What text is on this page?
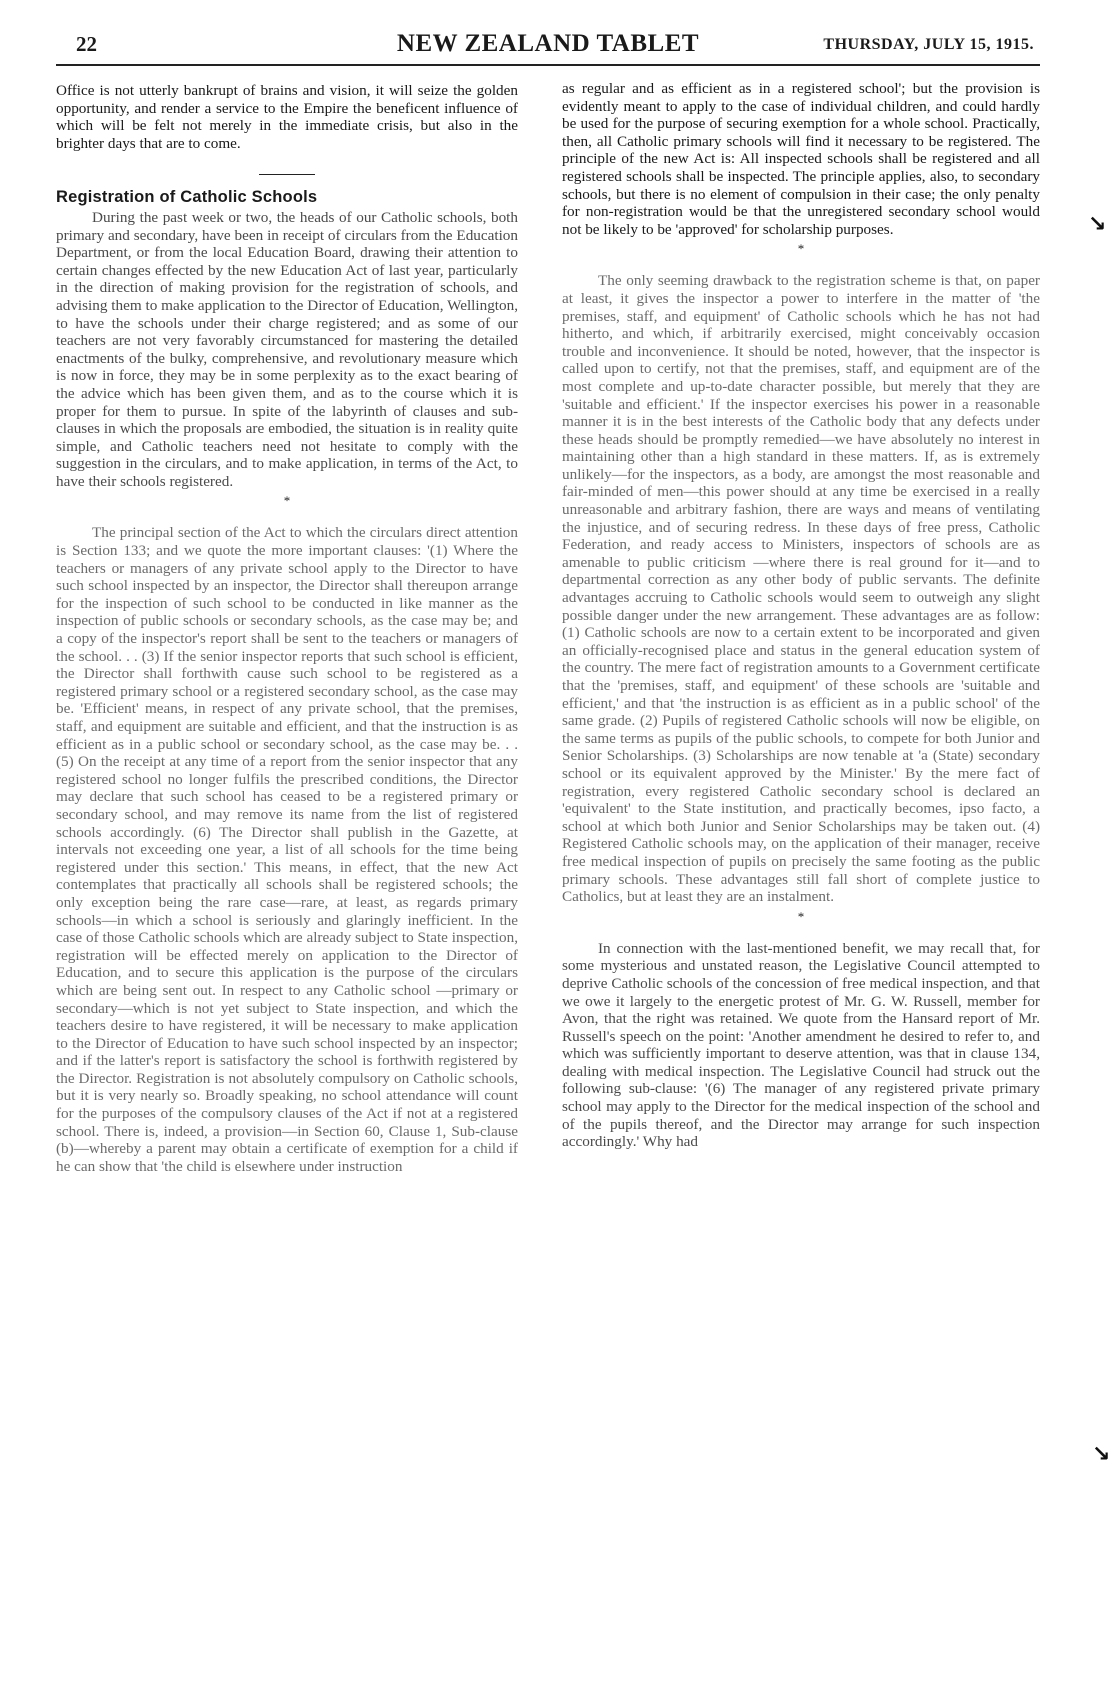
22	NEW ZEALAND TABLET	THURSDAY, JULY 15, 1915.

Office is not utterly bankrupt of brains and vision, it will seize the golden opportunity, and render a service to the Empire the beneficent influence of which will be felt not merely in the immediate crisis, but also in the brighter days that are to come.

Registration of Catholic Schools

During the past week or two, the heads of our Catholic schools, both primary and secondary, have been in receipt of circulars from the Education Department, or from the local Education Board, drawing their attention to certain changes effected by the new Education Act of last year, particularly in the direction of making provision for the registration of schools, and advising them to make application to the Director of Education, Wellington, to have the schools under their charge registered; and as some of our teachers are not very favorably circumstanced for mastering the detailed enactments of the bulky, comprehensive, and revolutionary measure which is now in force, they may be in some perplexity as to the exact bearing of the advice which has been given them, and as to the course which it is proper for them to pursue. In spite of the labyrinth of clauses and sub-clauses in which the proposals are embodied, the situation is in reality quite simple, and Catholic teachers need not hesitate to comply with the suggestion in the circulars, and to make application, in terms of the Act, to have their schools registered.

*

The principal section of the Act to which the circulars direct attention is Section 133; and we quote the more important clauses: '(1) Where the teachers or managers of any private school apply to the Director to have such school inspected by an inspector, the Director shall thereupon arrange for the inspection of such school to be conducted in like manner as the inspection of public schools or secondary schools, as the case may be; and a copy of the inspector's report shall be sent to the teachers or managers of the school. . . (3) If the senior inspector reports that such school is efficient, the Director shall forthwith cause such school to be registered as a registered primary school or a registered secondary school, as the case may be. 'Efficient' means, in respect of any private school, that the premises, staff, and equipment are suitable and efficient, and that the instruction is as efficient as in a public school or secondary school, as the case may be. . . (5) On the receipt at any time of a report from the senior inspector that any registered school no longer fulfils the prescribed conditions, the Director may declare that such school has ceased to be a registered primary or secondary school, and may remove its name from the list of registered schools accordingly. (6) The Director shall publish in the Gazette, at intervals not exceeding one year, a list of all schools for the time being registered under this section.' This means, in effect, that the new Act contemplates that practically all schools shall be registered schools; the only exception being the rare case—rare, at least, as regards primary schools—in which a school is seriously and glaringly inefficient. In the case of those Catholic schools which are already subject to State inspection, registration will be effected merely on application to the Director of Education, and to secure this application is the purpose of the circulars which are being sent out. In respect to any Catholic school —primary or secondary—which is not yet subject to State inspection, and which the teachers desire to have registered, it will be necessary to make application to the Director of Education to have such school inspected by an inspector; and if the latter's report is satisfactory the school is forthwith registered by the Director. Registration is not absolutely compulsory on Catholic schools, but it is very nearly so. Broadly speaking, no school attendance will count for the purposes of the compulsory clauses of the Act if not at a registered school. There is, indeed, a provision—in Section 60, Clause 1, Sub-clause (b)—whereby a parent may obtain a certificate of exemption for a child if he can show that 'the child is elsewhere under instruction

as regular and as efficient as in a registered school'; but the provision is evidently meant to apply to the case of individual children, and could hardly be used for the purpose of securing exemption for a whole school. Practically, then, all Catholic primary schools will find it necessary to be registered. The principle of the new Act is: All inspected schools shall be registered and all registered schools shall be inspected. The principle applies, also, to secondary schools, but there is no element of compulsion in their case; the only penalty for non-registration would be that the unregistered secondary school would not be likely to be 'approved' for scholarship purposes.

*

The only seeming drawback to the registration scheme is that, on paper at least, it gives the inspector a power to interfere in the matter of 'the premises, staff, and equipment' of Catholic schools which he has not had hitherto, and which, if arbitrarily exercised, might conceivably occasion trouble and inconvenience. It should be noted, however, that the inspector is called upon to certify, not that the premises, staff, and equipment are of the most complete and up-to-date character possible, but merely that they are 'suitable and efficient.' If the inspector exercises his power in a reasonable manner it is in the best interests of the Catholic body that any defects under these heads should be promptly remedied—we have absolutely no interest in maintaining other than a high standard in these matters. If, as is extremely unlikely—for the inspectors, as a body, are amongst the most reasonable and fair-minded of men—this power should at any time be exercised in a really unreasonable and arbitrary fashion, there are ways and means of ventilating the injustice, and of securing redress. In these days of free press, Catholic Federation, and ready access to Ministers, inspectors of schools are as amenable to public criticism —where there is real ground for it—and to departmental correction as any other body of public servants. The definite advantages accruing to Catholic schools would seem to outweigh any slight possible danger under the new arrangement. These advantages are as follow: (1) Catholic schools are now to a certain extent to be incorporated and given an officially-recognised place and status in the general education system of the country. The mere fact of registration amounts to a Government certificate that the 'premises, staff, and equipment' of these schools are 'suitable and efficient,' and that 'the instruction is as efficient as in a public school' of the same grade. (2) Pupils of registered Catholic schools will now be eligible, on the same terms as pupils of the public schools, to compete for both Junior and Senior Scholarships. (3) Scholarships are now tenable at 'a (State) secondary school or its equivalent approved by the Minister.' By the mere fact of registration, every registered Catholic secondary school is declared an 'equivalent' to the State institution, and practically becomes, ipso facto, a school at which both Junior and Senior Scholarships may be taken out. (4) Registered Catholic schools may, on the application of their manager, receive free medical inspection of pupils on precisely the same footing as the public primary schools. These advantages still fall short of complete justice to Catholics, but at least they are an instalment.

*

In connection with the last-mentioned benefit, we may recall that, for some mysterious and unstated reason, the Legislative Council attempted to deprive Catholic schools of the concession of free medical inspection, and that we owe it largely to the energetic protest of Mr. G. W. Russell, member for Avon, that the right was retained. We quote from the Hansard report of Mr. Russell's speech on the point: 'Another amendment he desired to refer to, and which was sufficiently important to deserve attention, was that in clause 134, dealing with medical inspection. The Legislative Council had struck out the following sub-clause: '(6) The manager of any registered private primary school may apply to the Director for the medical inspection of the school and of the pupils thereof, and the Director may arrange for such inspection accordingly.' Why had

↘
↘
